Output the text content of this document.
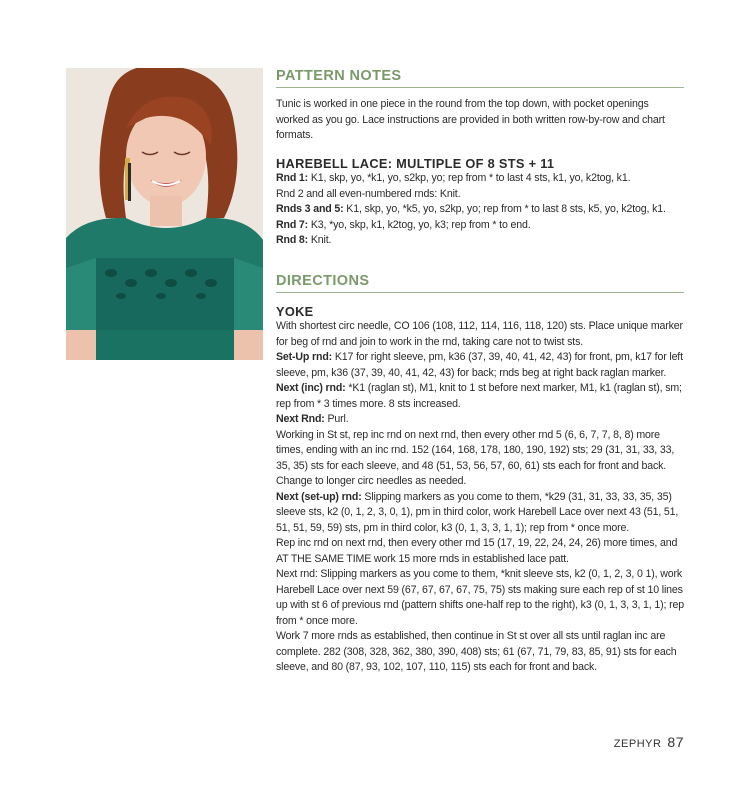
PATTERN NOTES

Tunic is worked in one piece in the round from the top down, with pocket openings worked as you go. Lace instructions are provided in both written row-by-row and chart formats.

HAREBELL LACE: MULTIPLE OF 8 STS + 11

Rnd 1: K1, skp, yo, *k1, yo, s2kp, yo; rep from * to last 4 sts, k1, yo, k2tog, k1.

Rnd 2 and all even-numbered rnds: Knit.

Rnds 3 and 5: K1, skp, yo, *k5, yo, s2kp, yo; rep from * to last 8 sts, k5, yo, k2tog, k1.

Rnd 7: K3, *yo, skp, k1, k2tog, yo, k3; rep from * to end.

Rnd 8: Knit.

DIRECTIONS
YOKE

With shortest circ needle, CO 106 (108, 112, 114, 116, 118, 120) sts. Place unique marker for beg of rnd and join to work in the rnd, taking care not to twist sts.

Set-Up rnd: K17 for right sleeve, pm, k36 (37, 39, 40, 41, 42, 43) for front, pm, k17 for left sleeve, pm, k36 (37, 39, 40, 41, 42, 43) for back; rnds beg at right back raglan marker.

Next (inc) rnd: *K1 (raglan st), M1, knit to 1 st before next marker, M1, k1 (raglan st), sm; rep from * 3 times more. 8 sts increased.

Next Rnd: Purl.

Working in St st, rep inc rnd on next rnd, then every other rnd 5 (6, 6, 7, 7, 8, 8) more times, ending with an inc rnd. 152 (164, 168, 178, 180, 190, 192) sts; 29 (31, 31, 33, 33, 35, 35) sts for each sleeve, and 48 (51, 53, 56, 57, 60, 61) sts each for front and back. Change to longer circ needles as needed.

Next (set-up) rnd: Slipping markers as you come to them, *k29 (31, 31, 33, 33, 35, 35) sleeve sts, k2 (0, 1, 2, 3, 0, 1), pm in third color, work Harebell Lace over next 43 (51, 51, 51, 51, 59, 59) sts, pm in third color, k3 (0, 1, 3, 3, 1, 1); rep from * once more.

Rep inc rnd on next rnd, then every other rnd 15 (17, 19, 22, 24, 24, 26) more times, and AT THE SAME TIME work 15 more rnds in established lace patt.

Next rnd: Slipping markers as you come to them, *knit sleeve sts, k2 (0, 1, 2, 3, 0 1), work Harebell Lace over next 59 (67, 67, 67, 67, 75, 75) sts making sure each rep of st 10 lines up with st 6 of previous rnd (pattern shifts one-half rep to the right), k3 (0, 1, 3, 3, 1, 1); rep from * once more.

Work 7 more rnds as established, then continue in St st over all sts until raglan inc are complete. 282 (308, 328, 362, 380, 390, 408) sts; 61 (67, 71, 79, 83, 85, 91) sts for each sleeve, and 80 (87, 93, 102, 107, 110, 115) sts each for front and back.

ZEPHYR 87
